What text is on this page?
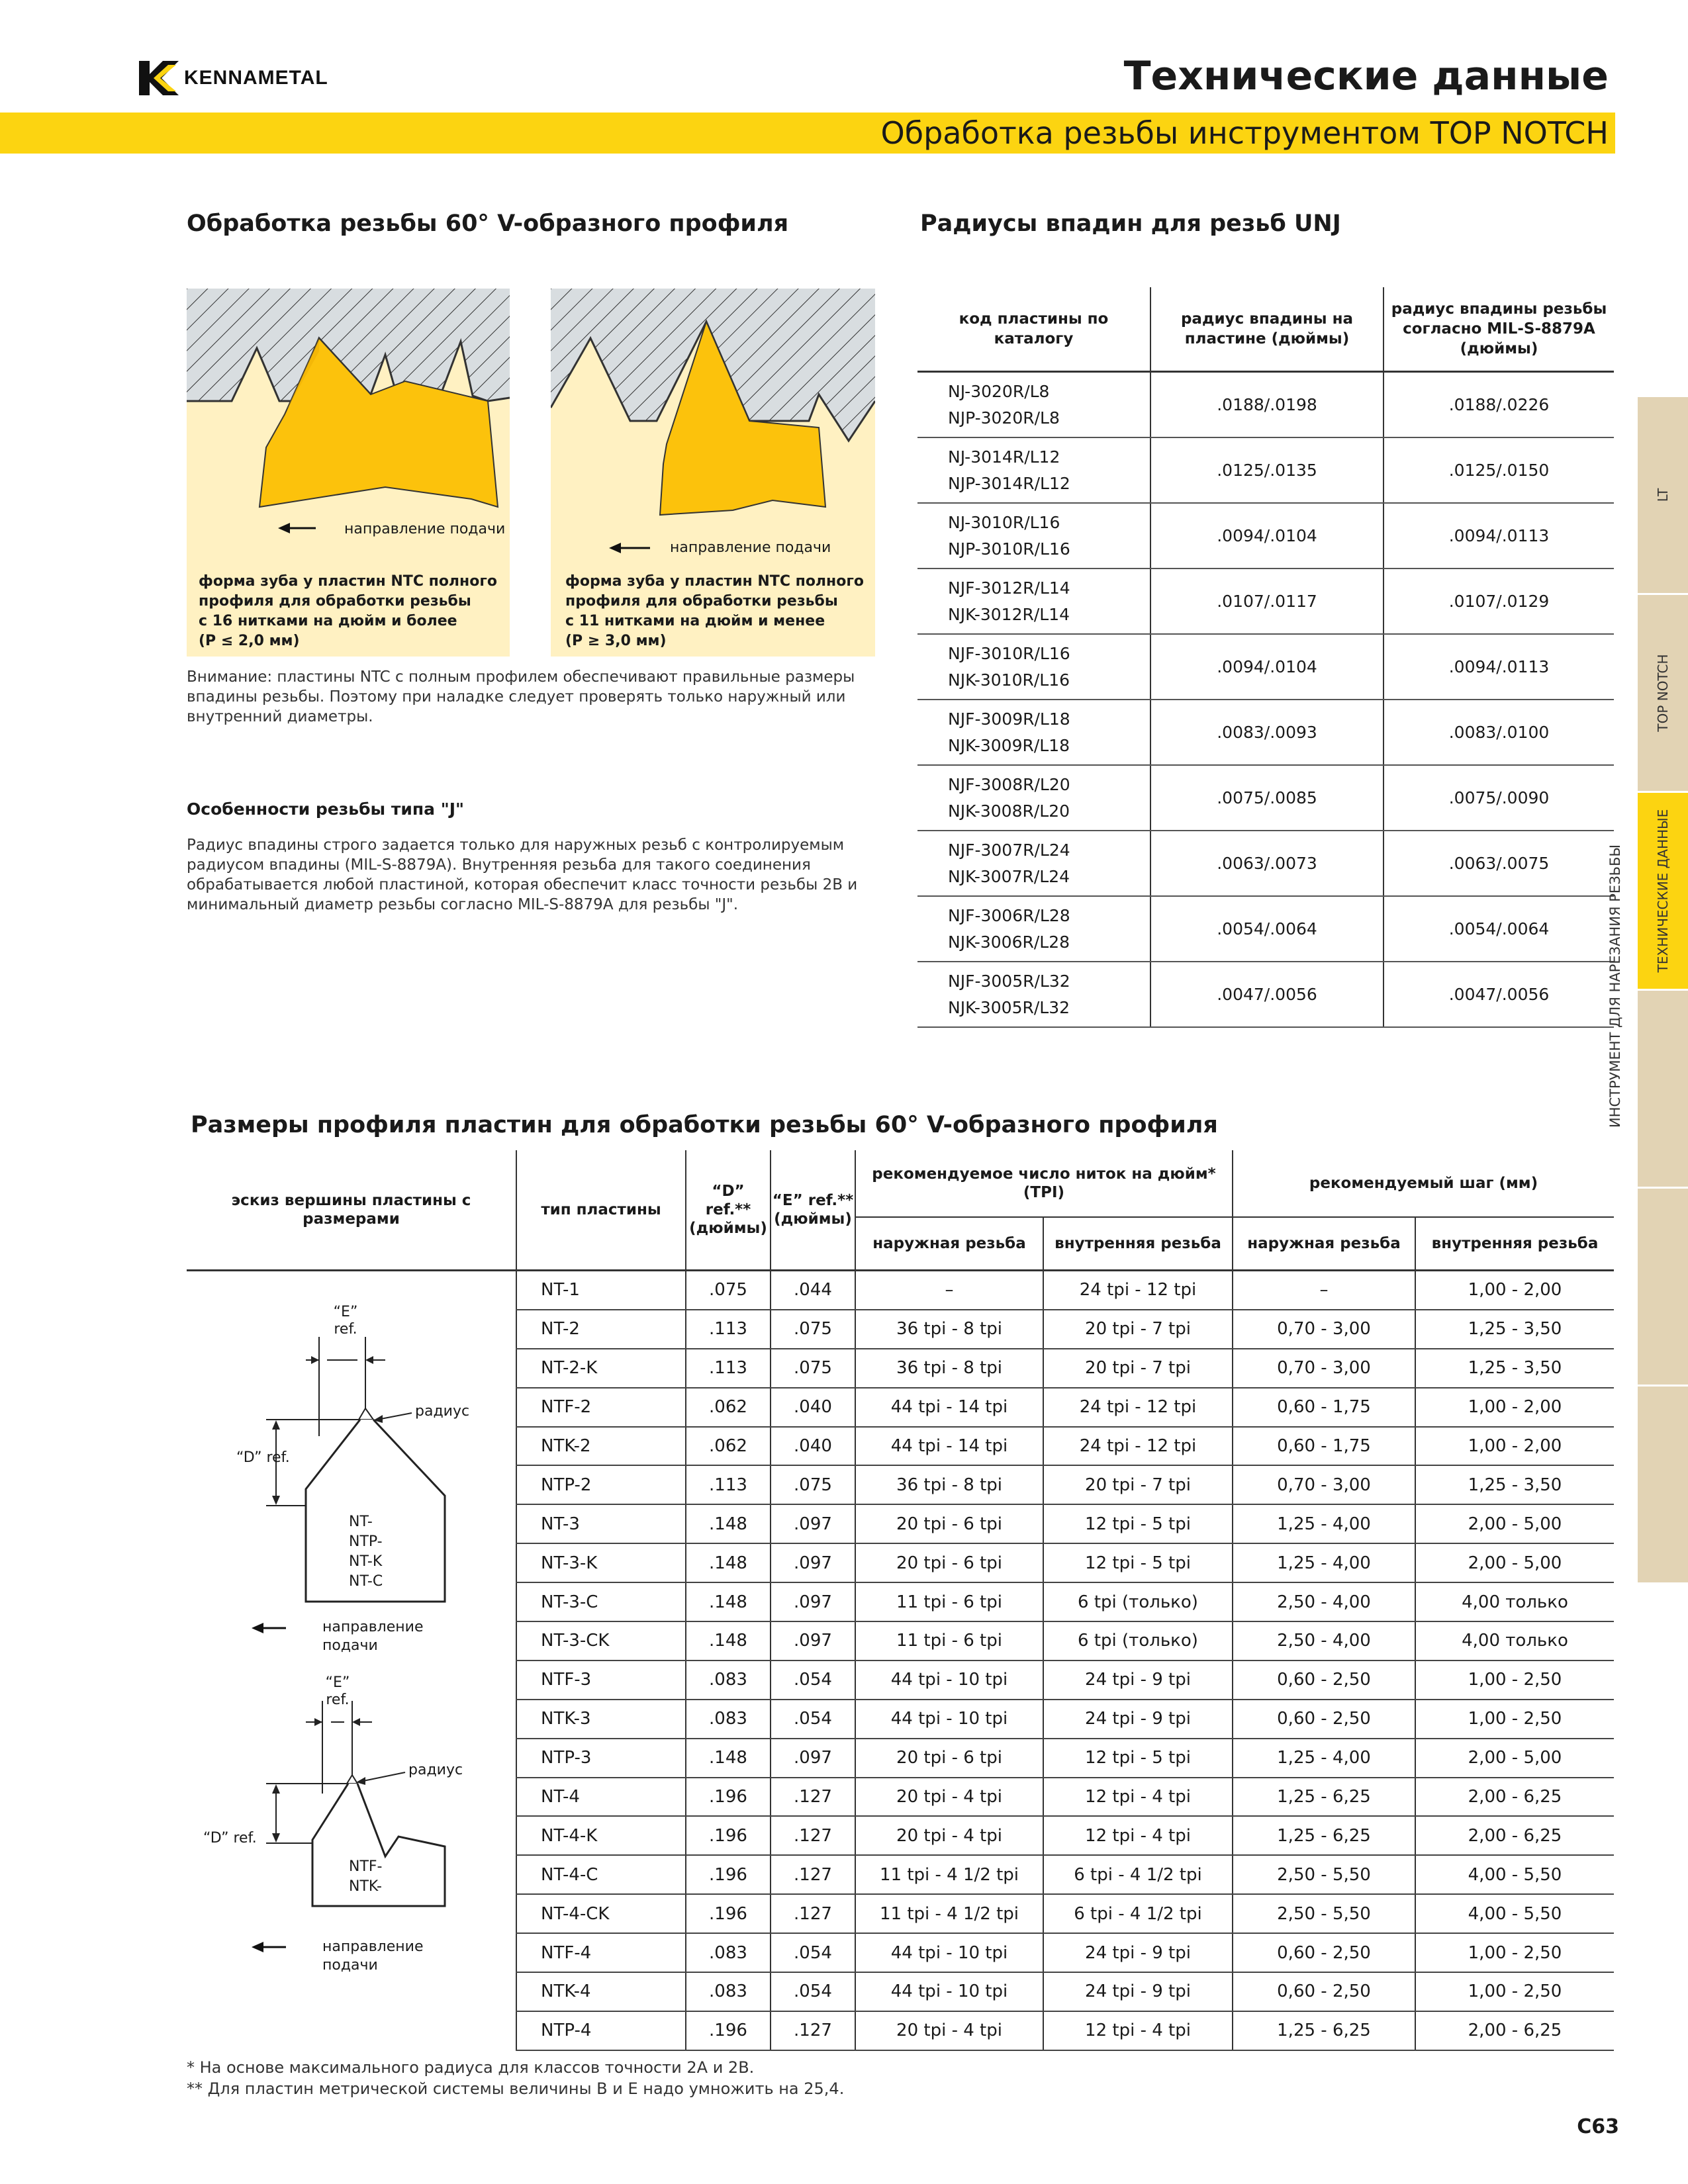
KENNAMETAL	Технические данные
Обработка резьбы инструментом TOP NOTCH
Обработка резьбы 60° V-образного профиля
направление подачи
форма зуба у пластин NTC полного
профиля для обработки резьбы
с 16 нитками на дюйм и более
(P ≤ 2,0 мм)
направление подачи
форма зуба у пластин NTC полного
профиля для обработки резьбы
с 11 нитками на дюйм и менее
(P ≥ 3,0 мм)
Внимание: пластины NTC с полным профилем обеспечивают правильные размеры впадины резьбы. Поэтому при наладке следует проверять только наружный или внутренний диаметры.
Особенности резьбы типа "J"
Радиус впадины строго задается только для наружных резьб с контролируемым радиусом впадины (MIL-S-8879A). Внутренняя резьба для такого соединения обрабатывается любой пластиной, которая обеспечит класс точности резьбы 2B и минимальный диаметр резьбы согласно MIL-S-8879A для резьбы "J".
Радиусы впадин для резьб UNJ
код пластины по каталогу	радиус впадины на пластине (дюймы)	радиус впадины резьбы согласно MIL-S-8879A (дюймы)

NJ-3020R/L8
NJP-3020R/L8	.0188/.0198	.0188/.0226

NJ-3014R/L12
NJP-3014R/L12	.0125/.0135	.0125/.0150

NJ-3010R/L16
NJP-3010R/L16	.0094/.0104	.0094/.0113

NJF-3012R/L14
NJK-3012R/L14	.0107/.0117	.0107/.0129

NJF-3010R/L16
NJK-3010R/L16	.0094/.0104	.0094/.0113

NJF-3009R/L18
NJK-3009R/L18	.0083/.0093	.0083/.0100

NJF-3008R/L20
NJK-3008R/L20	.0075/.0085	.0075/.0090

NJF-3007R/L24
NJK-3007R/L24	.0063/.0073	.0063/.0075

NJF-3006R/L28
NJK-3006R/L28	.0054/.0064	.0054/.0064

NJF-3005R/L32
NJK-3005R/L32	.0047/.0056	.0047/.0056
Размеры профиля пластин для обработки резьбы 60° V-образного профиля
эскиз вершины пластины с размерами	тип пластины	“D” ref.** (дюймы)	“E” ref.** (дюймы)	рекомендуемое число ниток на дюйм* (TPI)		рекомендуемый шаг (мм)	
				наружная резьба	внутренняя резьба	наружная резьба	внутренняя резьба
	NT-1	.075	.044	–	24 tpi - 12 tpi	–	1,00 - 2,00
	NT-2	.113	.075	36 tpi - 8 tpi	20 tpi - 7 tpi	0,70 - 3,00	1,25 - 3,50
	NT-2-K	.113	.075	36 tpi - 8 tpi	20 tpi - 7 tpi	0,70 - 3,00	1,25 - 3,50
	NTF-2	.062	.040	44 tpi - 14 tpi	24 tpi - 12 tpi	0,60 - 1,75	1,00 - 2,00
	NTK-2	.062	.040	44 tpi - 14 tpi	24 tpi - 12 tpi	0,60 - 1,75	1,00 - 2,00
	NTP-2	.113	.075	36 tpi - 8 tpi	20 tpi - 7 tpi	0,70 - 3,00	1,25 - 3,50
	NT-3	.148	.097	20 tpi - 6 tpi	12 tpi - 5 tpi	1,25 - 4,00	2,00 - 5,00
	NT-3-K	.148	.097	20 tpi - 6 tpi	12 tpi - 5 tpi	1,25 - 4,00	2,00 - 5,00
	NT-3-C	.148	.097	11 tpi - 6 tpi	6 tpi (только)	2,50 - 4,00	4,00 только
	NT-3-CK	.148	.097	11 tpi - 6 tpi	6 tpi (только)	2,50 - 4,00	4,00 только
	NTF-3	.083	.054	44 tpi - 10 tpi	24 tpi - 9 tpi	0,60 - 2,50	1,00 - 2,50
	NTK-3	.083	.054	44 tpi - 10 tpi	24 tpi - 9 tpi	0,60 - 2,50	1,00 - 2,50
	NTP-3	.148	.097	20 tpi - 6 tpi	12 tpi - 5 tpi	1,25 - 4,00	2,00 - 5,00
	NT-4	.196	.127	20 tpi - 4 tpi	12 tpi - 4 tpi	1,25 - 6,25	2,00 - 6,25
	NT-4-K	.196	.127	20 tpi - 4 tpi	12 tpi - 4 tpi	1,25 - 6,25	2,00 - 6,25
	NT-4-C	.196	.127	11 tpi - 4 1/2 tpi	6 tpi - 4 1/2 tpi	2,50 - 5,50	4,00 - 5,50
	NT-4-CK	.196	.127	11 tpi - 4 1/2 tpi	6 tpi - 4 1/2 tpi	2,50 - 5,50	4,00 - 5,50
	NTF-4	.083	.054	44 tpi - 10 tpi	24 tpi - 9 tpi	0,60 - 2,50	1,00 - 2,50
	NTK-4	.083	.054	44 tpi - 10 tpi	24 tpi - 9 tpi	0,60 - 2,50	1,00 - 2,50
	NTP-4	.196	.127	20 tpi - 4 tpi	12 tpi - 4 tpi	1,25 - 6,25	2,00 - 6,25
“E” ref.
“D” ref.
радиус
NT-
NTP-
NT-K
NT-C
направление подачи
“E” ref.
“D” ref.
радиус
NTF-
NTK-
направление подачи
* На основе максимального радиуса для классов точности 2A и 2B.
** Для пластин метрической системы величины B и E надо умножить на 25,4.
LT
TOP NOTCH
ТЕХНИЧЕСКИЕ ДАННЫЕ
ИНСТРУМЕНТ ДЛЯ НАРЕЗАНИЯ РЕЗЬБЫ
C63
